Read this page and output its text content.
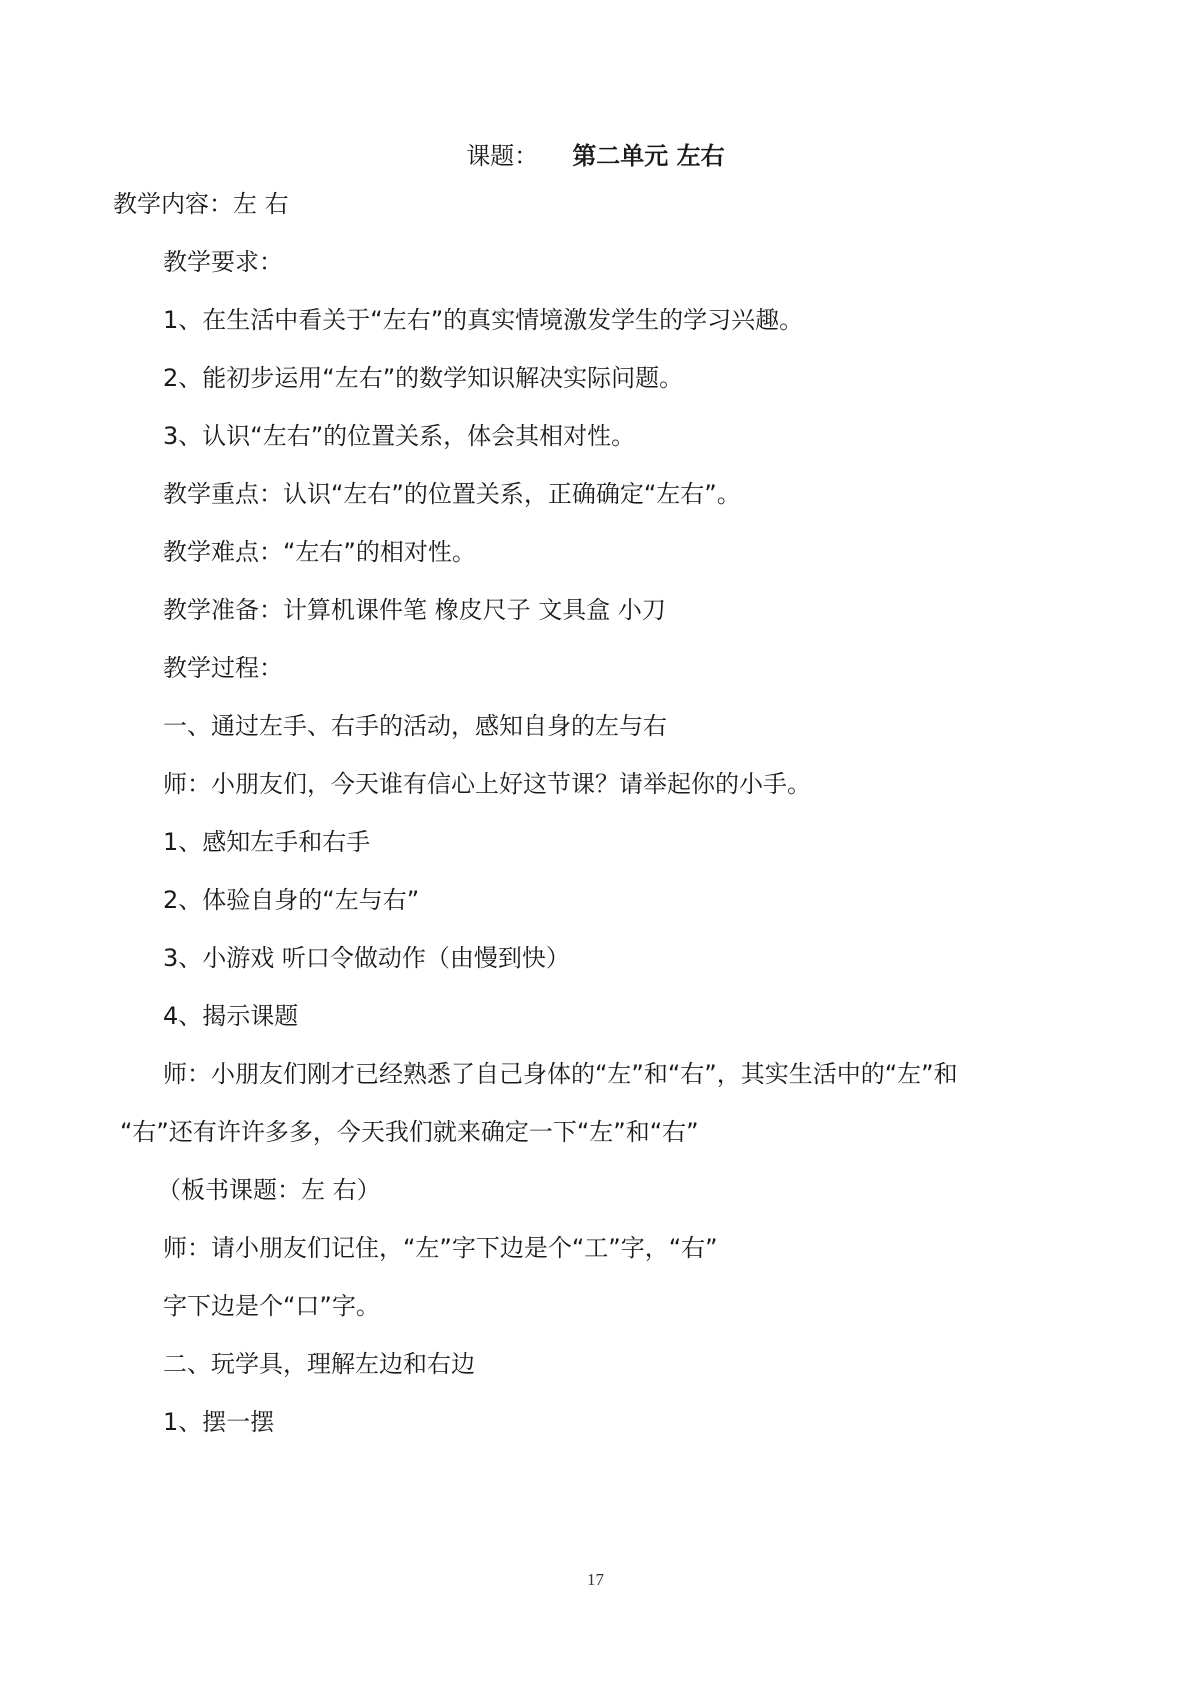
课题： 第二单元 左右
教学内容：左 右
教学要求：
1、在生活中看关于“左右”的真实情境激发学生的学习兴趣。
2、能初步运用“左右”的数学知识解决实际问题。
3、认识“左右”的位置关系，体会其相对性。
教学重点：认识“左右”的位置关系，正确确定“左右”。
教学难点：“左右”的相对性。
教学准备：计算机课件笔 橡皮尺子 文具盒 小刀
教学过程：
一、通过左手、右手的活动，感知自身的左与右
师：小朋友们，今天谁有信心上好这节课？请举起你的小手。
1、感知左手和右手
2、体验自身的“左与右”
3、小游戏 听口令做动作（由慢到快）
4、揭示课题
师：小朋友们刚才已经熟悉了自己身体的“左”和“右”，其实生活中的“左”和
“右”还有许许多多，今天我们就来确定一下“左”和“右”
（板书课题：左 右）
师：请小朋友们记住，“左”字下边是个“工”字，“右”
字下边是个“口”字。
二、玩学具，理解左边和右边
1、摆一摆
17
